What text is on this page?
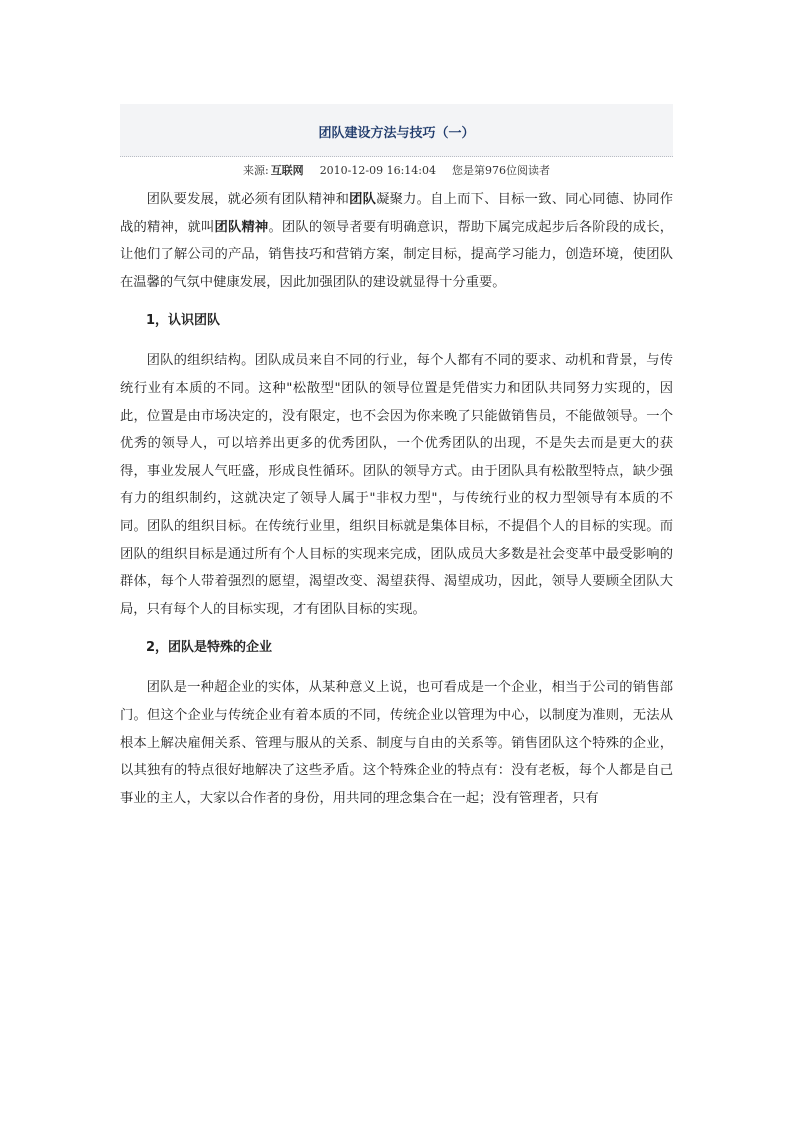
团队建设方法与技巧（一）
来源: 互联网 2010-12-09 16:14:04 您是第976位阅读者

团队要发展，就必须有团队精神和团队凝聚力。自上而下、目标一致、同心同德、协同作战的精神，就叫团队精神。团队的领导者要有明确意识，帮助下属完成起步后各阶段的成长，让他们了解公司的产品，销售技巧和营销方案，制定目标，提高学习能力，创造环境，使团队在温馨的气氛中健康发展，因此加强团队的建设就显得十分重要。

1，认识团队

团队的组织结构。团队成员来自不同的行业，每个人都有不同的要求、动机和背景，与传统行业有本质的不同。这种"松散型"团队的领导位置是凭借实力和团队共同努力实现的，因此，位置是由市场决定的，没有限定，也不会因为你来晚了只能做销售员，不能做领导。一个优秀的领导人，可以培养出更多的优秀团队，一个优秀团队的出现，不是失去而是更大的获得，事业发展人气旺盛，形成良性循环。团队的领导方式。由于团队具有松散型特点，缺少强有力的组织制约，这就决定了领导人属于"非权力型"，与传统行业的权力型领导有本质的不同。团队的组织目标。在传统行业里，组织目标就是集体目标，不提倡个人的目标的实现。而团队的组织目标是通过所有个人目标的实现来完成，团队成员大多数是社会变革中最受影响的群体，每个人带着强烈的愿望，渴望改变、渴望获得、渴望成功，因此，领导人要顾全团队大局，只有每个人的目标实现，才有团队目标的实现。

2，团队是特殊的企业

团队是一种超企业的实体，从某种意义上说，也可看成是一个企业，相当于公司的销售部门。但这个企业与传统企业有着本质的不同，传统企业以管理为中心，以制度为准则，无法从根本上解决雇佣关系、管理与服从的关系、制度与自由的关系等。销售团队这个特殊的企业，以其独有的特点很好地解决了这些矛盾。这个特殊企业的特点有：没有老板，每个人都是自己事业的主人，大家以合作者的身份，用共同的理念集合在一起；没有管理者，只有
